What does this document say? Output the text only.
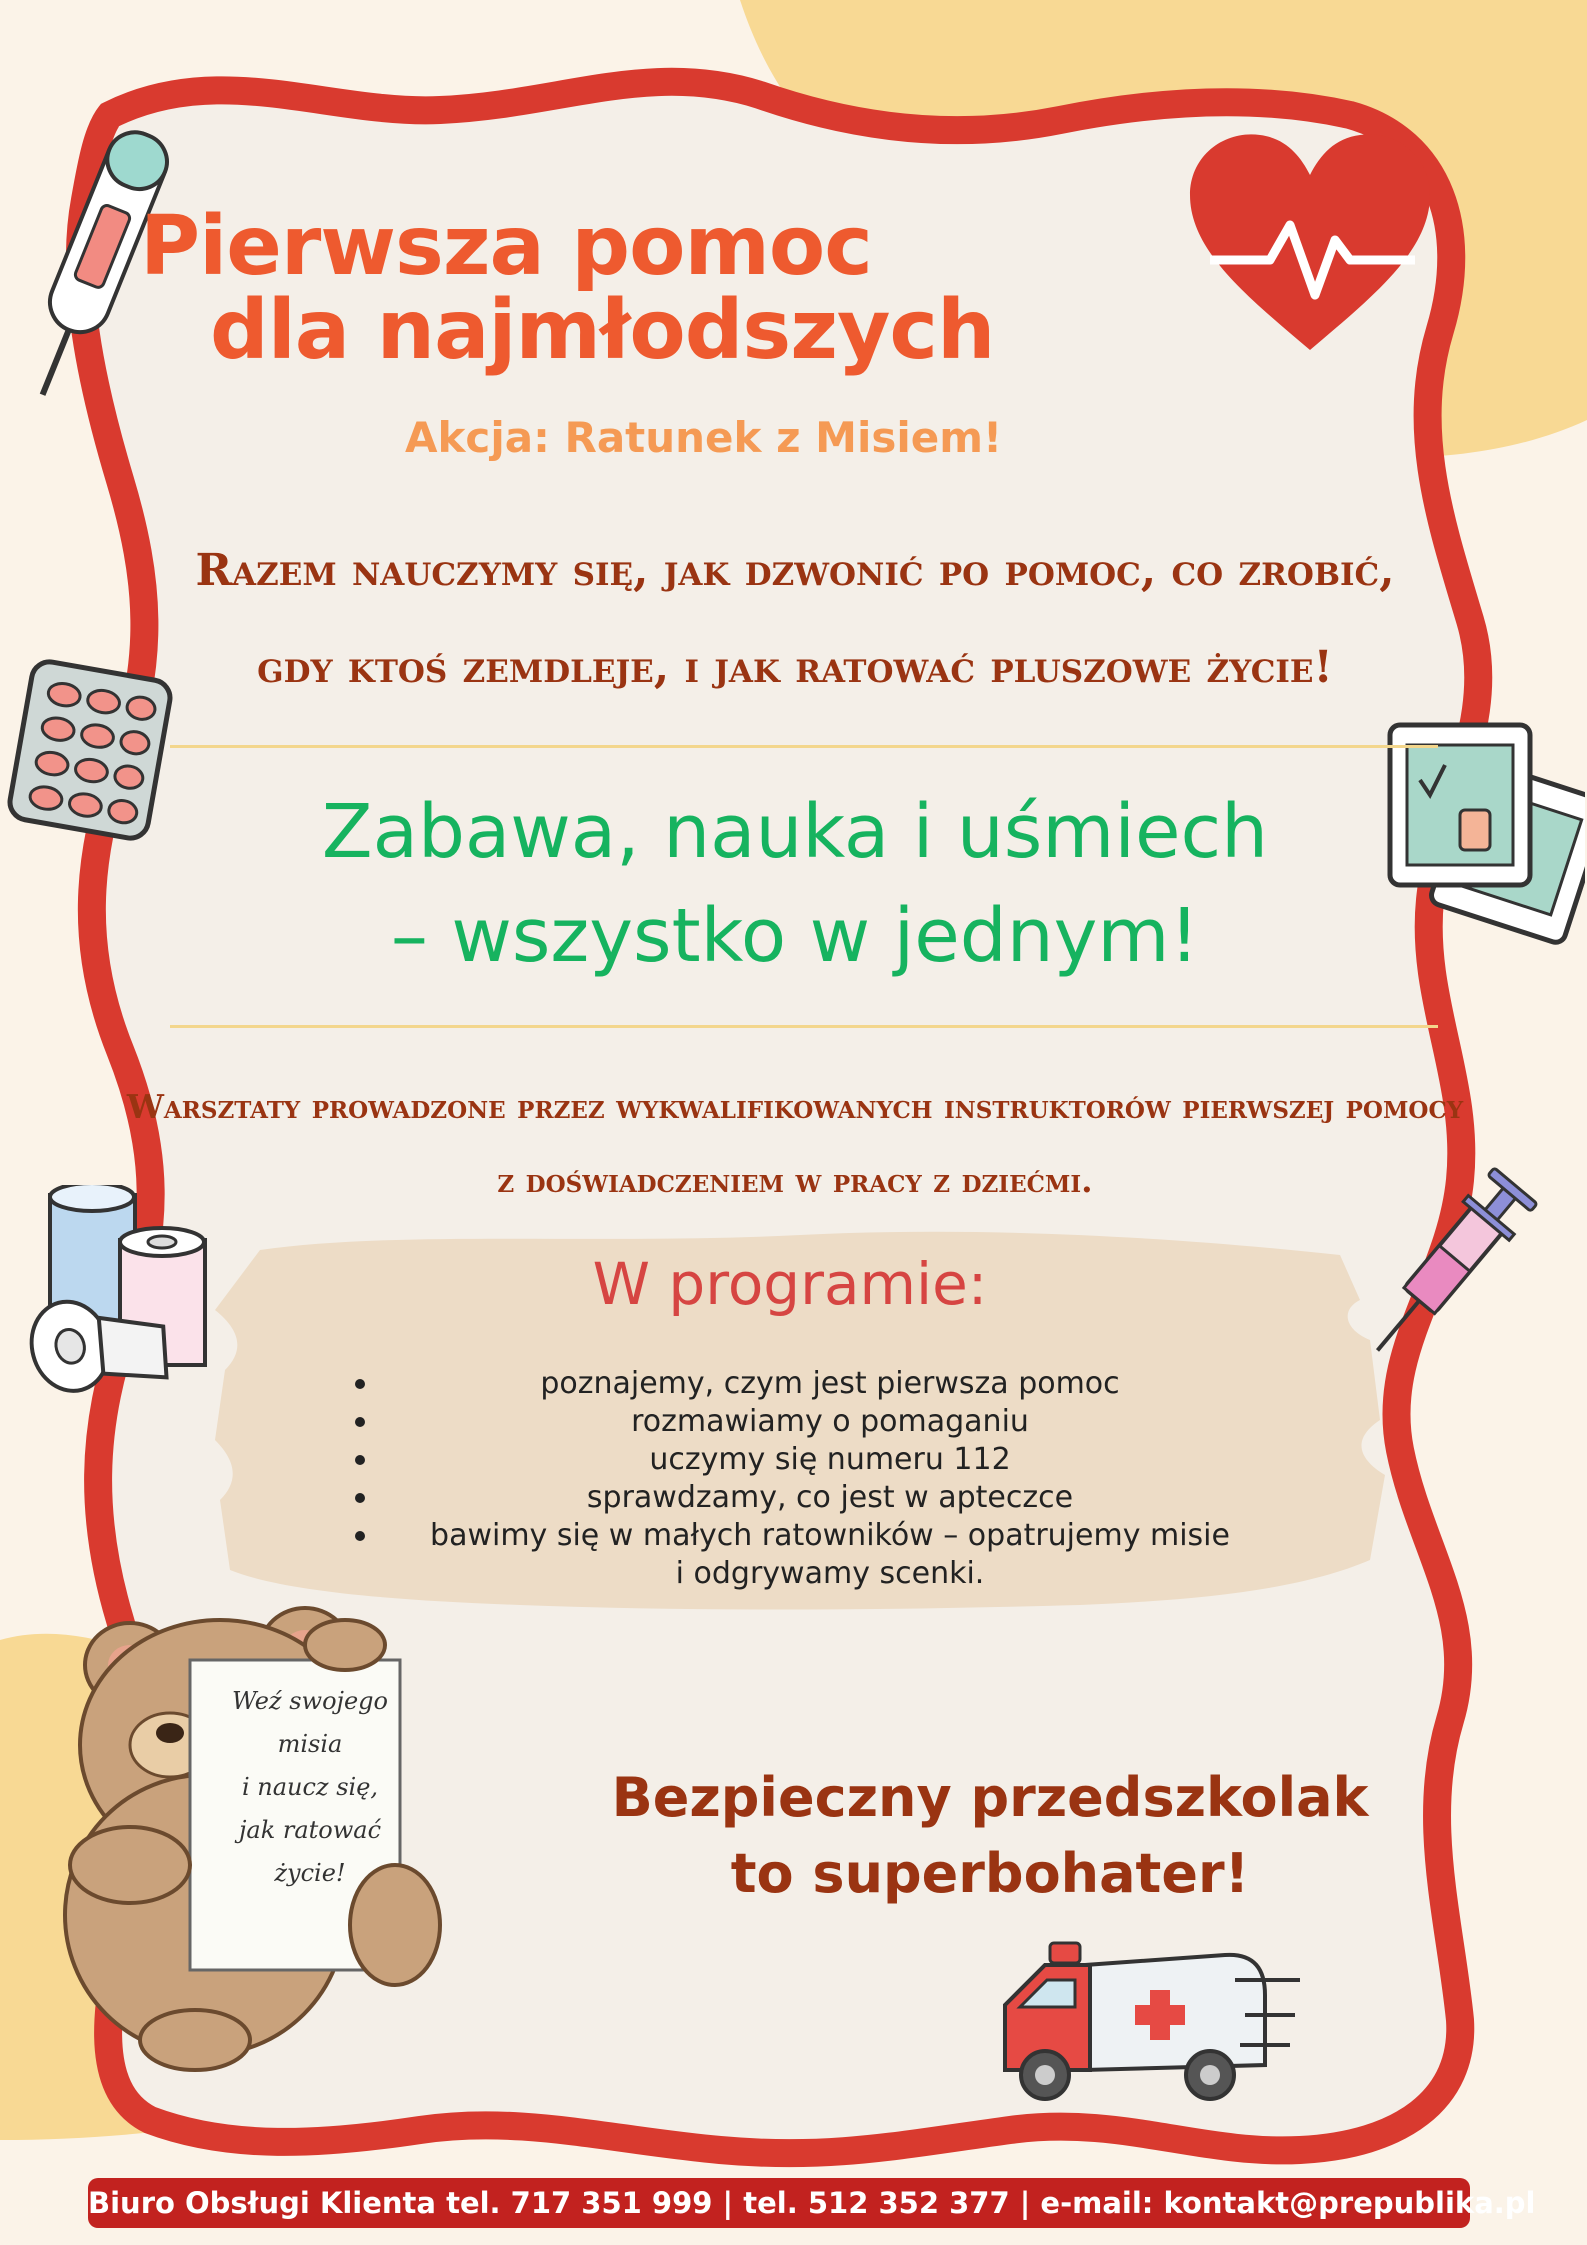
Pierwsza pomoc
dla najmłodszych
Akcja: Ratunek z Misiem!
Razem nauczymy się, jak dzwonić po pomoc, co zrobić,
gdy ktoś zemdleje, i jak ratować pluszowe życie!
Zabawa, nauka i uśmiech
– wszystko w jednym!
Warsztaty prowadzone przez wykwalifikowanych instruktorów pierwszej pomocy
z doświadczeniem w pracy z dziećmi.
W programie:
poznajemy, czym jest pierwsza pomoc
rozmawiamy o pomaganiu
uczymy się numeru 112
sprawdzamy, co jest w apteczce
bawimy się w małych ratowników – opatrujemy misie
i odgrywamy scenki.
Weź swojego
misia
i naucz się,
jak ratować
życie!
Bezpieczny przedszkolak
to superbohater!
Biuro Obsługi Klienta tel. 717 351 999 | tel. 512 352 377 | e-mail: kontakt@prepublika.pl
